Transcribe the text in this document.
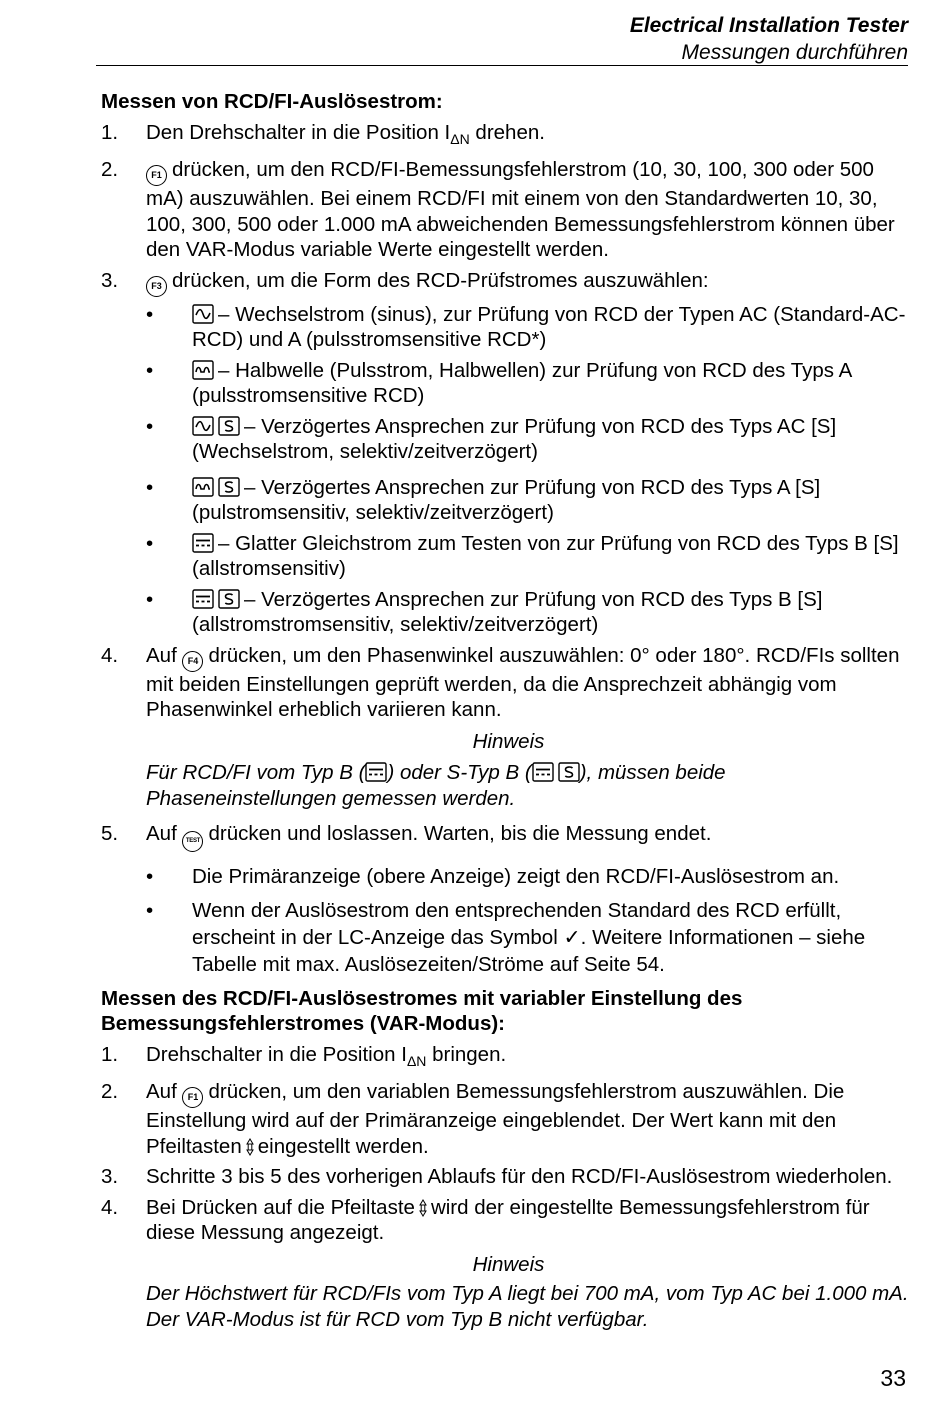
Electrical Installation Tester
Messungen durchführen
Messen von RCD/FI-Auslösestrom:
1. Den Drehschalter in die Position $I_{\Delta N}$ drehen.
2.	F1 drücken, um den RCD/FI-Bemessungsfehlerstrom (10, 30, 100, 300 oder 500 mA) auszuwählen. Bei einem RCD/FI mit einem von den Standardwerten 10, 30, 100, 300, 500 oder 1.000 mA abweichenden Bemessungsfehlerstrom können über den VAR-Modus variable Werte eingestellt werden.
3.	F3 drücken, um die Form des RCD-Prüfstromes auszuwählen:
•	– Wechselstrom (sinus), zur Prüfung von RCD der Typen AC (Standard-AC-RCD) und A (pulsstromsensitive RCD*)
•	– Halbwelle (Pulsstrom, Halbwellen) zur Prüfung von RCD des Typs A (pulsstromsensitive RCD)
•	– Verzögertes Ansprechen zur Prüfung von RCD des Typs AC [S] (Wechselstrom, selektiv/zeitverzögert)
•	– Verzögertes Ansprechen zur Prüfung von RCD des Typs A [S] (pulstromsensitiv, selektiv/zeitverzögert)
•	– Glatter Gleichstrom zum Testen von zur Prüfung von RCD des Typs B [S] (allstromsensitiv)
•	– Verzögertes Ansprechen zur Prüfung von RCD des Typs B [S] (allstromstromsensitiv, selektiv/zeitverzögert)
4. Auf F4 drücken, um den Phasenwinkel auszuwählen: 0° oder 180°. RCD/FIs sollten mit beiden Einstellungen geprüft werden, da die Ansprechzeit abhängig vom Phasenwinkel erheblich variieren kann.
Hinweis
Für RCD/FI vom Typ B ( ) oder S-Typ B ( ), müssen beide Phaseneinstellungen gemessen werden.
5. Auf TEST drücken und loslassen. Warten, bis die Messung endet.
• Die Primäranzeige (obere Anzeige) zeigt den RCD/FI-Auslösestrom an.
• Wenn der Auslösestrom den entsprechenden Standard des RCD erfüllt, erscheint in der LC-Anzeige das Symbol ✓. Weitere Informationen – siehe Tabelle mit max. Auslösezeiten/Ströme auf Seite 54.
Messen des RCD/FI-Auslösestromes mit variabler Einstellung des Bemessungsfehlerstromes (VAR-Modus):
1. Drehschalter in die Position $I_{\Delta N}$ bringen.
2. Auf F1 drücken, um den variablen Bemessungsfehlerstrom auszuwählen. Die Einstellung wird auf der Primäranzeige eingeblendet. Der Wert kann mit den Pfeiltasten eingestellt werden.
3. Schritte 3 bis 5 des vorherigen Ablaufs für den RCD/FI-Auslösestrom wiederholen.
4. Bei Drücken auf die Pfeiltaste wird der eingestellte Bemessungsfehlerstrom für diese Messung angezeigt.
Hinweis
Der Höchstwert für RCD/FIs vom Typ A liegt bei 700 mA, vom Typ AC bei 1.000 mA. Der VAR-Modus ist für RCD vom Typ B nicht verfügbar.
33
